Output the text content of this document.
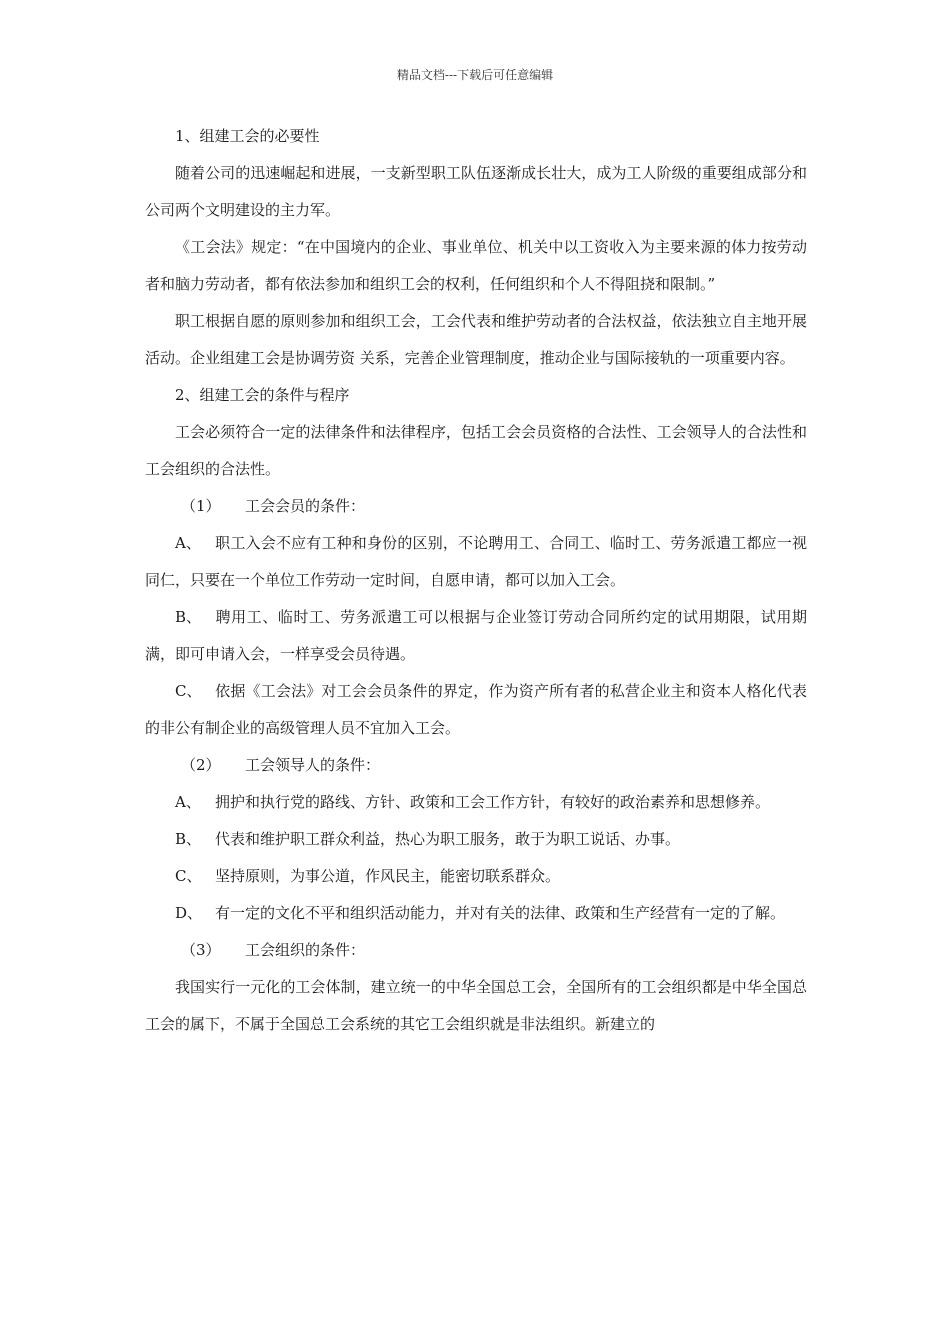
精品文档---下载后可任意编辑

1、组建工会的必要性

随着公司的迅速崛起和进展，一支新型职工队伍逐渐成长壮大，成为工人阶级的重要组成部分和公司两个文明建设的主力军。

《工会法》规定：“在中国境内的企业、事业单位、机关中以工资收入为主要来源的体力按劳动者和脑力劳动者，都有依法参加和组织工会的权利，任何组织和个人不得阻挠和限制。”

职工根据自愿的原则参加和组织工会，工会代表和维护劳动者的合法权益，依法独立自主地开展活动。企业组建工会是协调劳资 关系，完善企业管理制度，推动企业与国际接轨的一项重要内容。

2、组建工会的条件与程序

工会必须符合一定的法律条件和法律程序，包括工会会员资格的合法性、工会领导人的合法性和工会组织的合法性。

（1） 工会会员的条件：

A、 职工入会不应有工种和身份的区别，不论聘用工、合同工、临时工、劳务派遣工都应一视同仁，只要在一个单位工作劳动一定时间，自愿申请，都可以加入工会。

B、 聘用工、临时工、劳务派遣工可以根据与企业签订劳动合同所约定的试用期限，试用期满，即可申请入会，一样享受会员待遇。

C、 依据《工会法》对工会会员条件的界定，作为资产所有者的私营企业主和资本人格化代表的非公有制企业的高级管理人员不宜加入工会。

（2） 工会领导人的条件：

A、 拥护和执行党的路线、方针、政策和工会工作方针，有较好的政治素养和思想修养。

B、 代表和维护职工群众利益，热心为职工服务，敢于为职工说话、办事。

C、 坚持原则，为事公道，作风民主，能密切联系群众。

D、 有一定的文化不平和组织活动能力，并对有关的法律、政策和生产经营有一定的了解。

（3） 工会组织的条件：

我国实行一元化的工会体制，建立统一的中华全国总工会，全国所有的工会组织都是中华全国总工会的属下，不属于全国总工会系统的其它工会组织就是非法组织。新建立的
